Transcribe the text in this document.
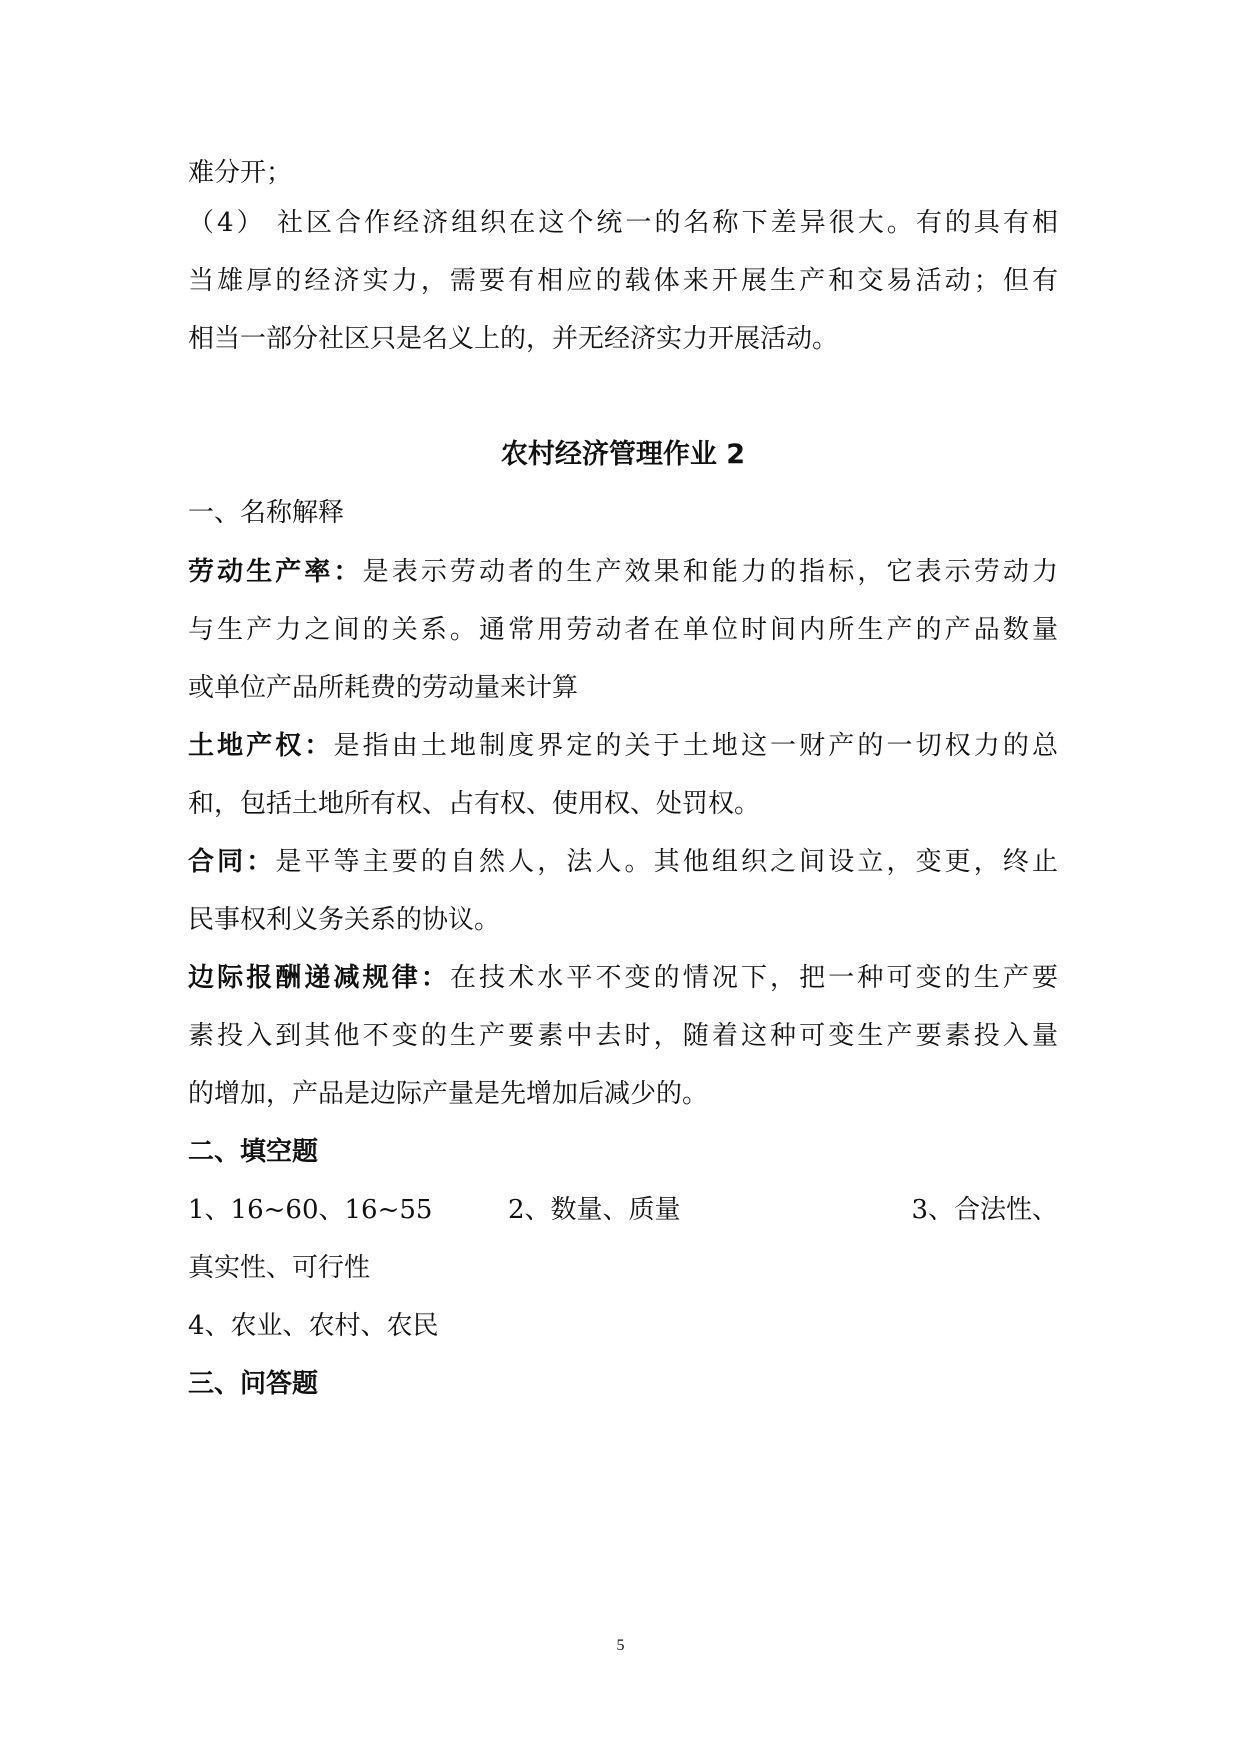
难分开；
（4） 社区合作经济组织在这个统一的名称下差异很大。有的具有相
当雄厚的经济实力，需要有相应的载体来开展生产和交易活动；但有
相当一部分社区只是名义上的，并无经济实力开展活动。
农村经济管理作业 2
一、名称解释
劳动生产率：是表示劳动者的生产效果和能力的指标，它表示劳动力
与生产力之间的关系。通常用劳动者在单位时间内所生产的产品数量
或单位产品所耗费的劳动量来计算
土地产权：是指由土地制度界定的关于土地这一财产的一切权力的总
和，包括土地所有权、占有权、使用权、处罚权。
合同：是平等主要的自然人，法人。其他组织之间设立，变更，终止
民事权利义务关系的协议。
边际报酬递减规律：在技术水平不变的情况下，把一种可变的生产要
素投入到其他不变的生产要素中去时，随着这种可变生产要素投入量
的增加，产品是边际产量是先增加后减少的。
二、填空题
1、16~60、16~55	2、数量、质量	3、合法性、
真实性、可行性
4、农业、农村、农民
三、问答题
5
